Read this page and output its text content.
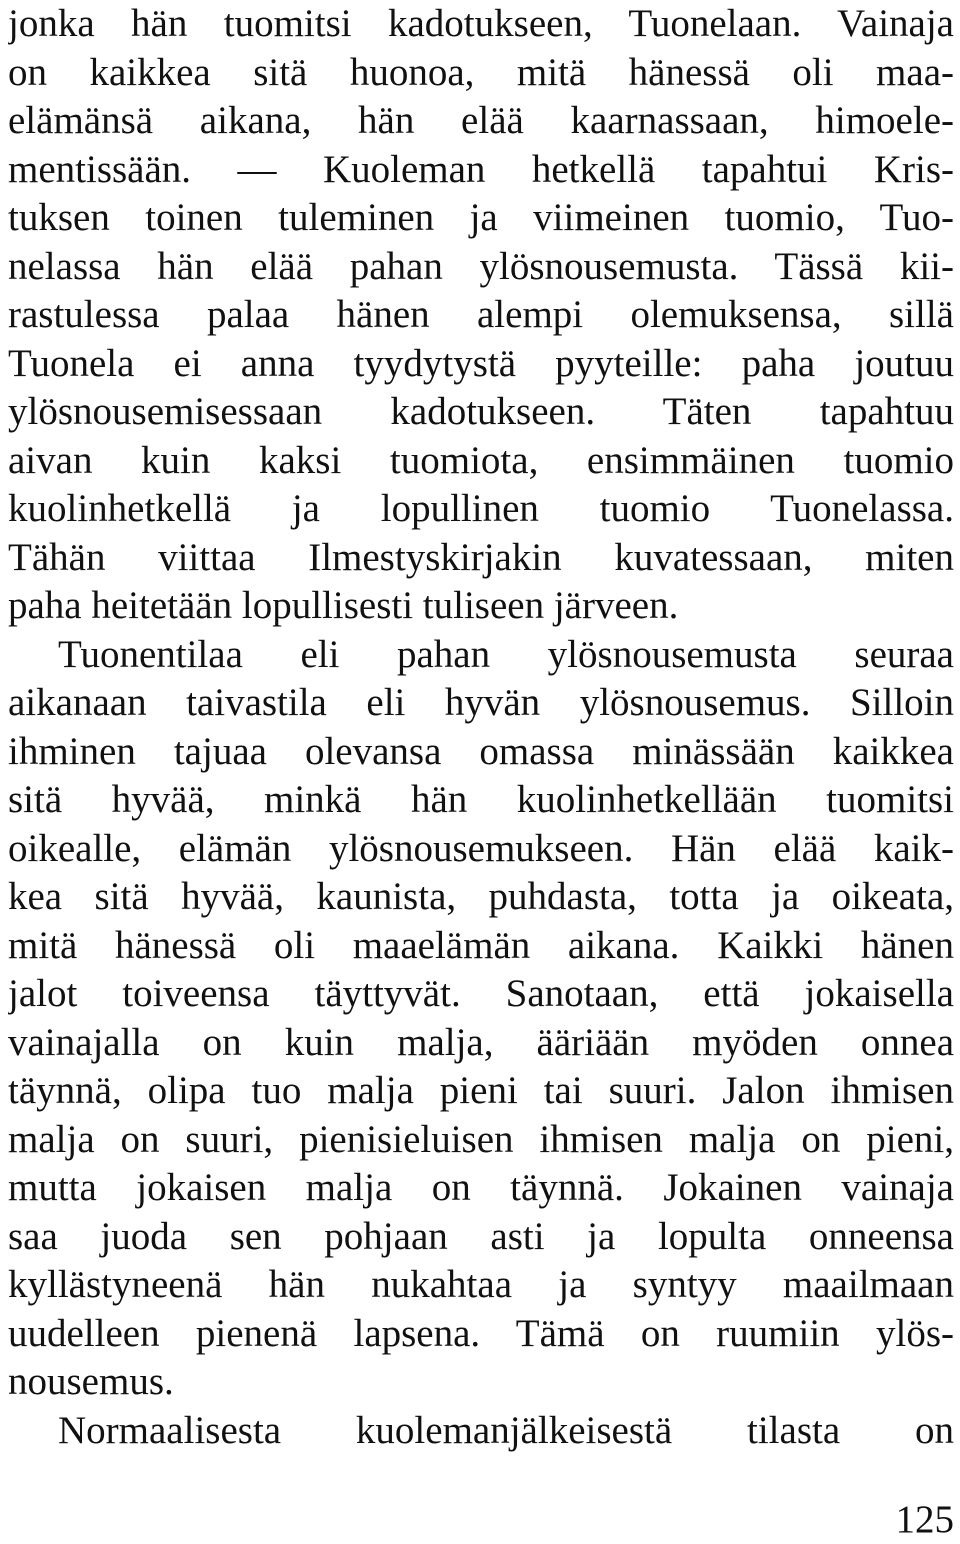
jonka hän tuomitsi kadotukseen, Tuonelaan. Vainaja
on kaikkea sitä huonoa, mitä hänessä oli maa-
elämänsä aikana, hän elää kaarnassaan, himoele-
mentissään. — Kuoleman hetkellä tapahtui Kris-
tuksen toinen tuleminen ja viimeinen tuomio, Tuo-
nelassa hän elää pahan ylösnousemusta. Tässä kii-
rastulessa palaa hänen alempi olemuksensa, sillä
Tuonela ei anna tyydytystä pyyteille: paha joutuu
ylösnousemisessaan kadotukseen. Täten tapahtuu
aivan kuin kaksi tuomiota, ensimmäinen tuomio
kuolinhetkellä ja lopullinen tuomio Tuonelassa.
Tähän viittaa Ilmestyskirjakin kuvatessaan, miten
paha heitetään lopullisesti tuliseen järveen.
Tuonentilaa eli pahan ylösnousemusta seuraa
aikanaan taivastila eli hyvän ylösnousemus. Silloin
ihminen tajuaa olevansa omassa minässään kaikkea
sitä hyvää, minkä hän kuolinhetkellään tuomitsi
oikealle, elämän ylösnousemukseen. Hän elää kaik-
kea sitä hyvää, kaunista, puhdasta, totta ja oikeata,
mitä hänessä oli maaelämän aikana. Kaikki hänen
jalot toiveensa täyttyvät. Sanotaan, että jokaisella
vainajalla on kuin malja, ääriään myöden onnea
täynnä, olipa tuo malja pieni tai suuri. Jalon ihmisen
malja on suuri, pienisieluisen ihmisen malja on pieni,
mutta jokaisen malja on täynnä. Jokainen vainaja
saa juoda sen pohjaan asti ja lopulta onneensa
kyllästyneenä hän nukahtaa ja syntyy maailmaan
uudelleen pienenä lapsena. Tämä on ruumiin ylös-
nousemus.
Normaalisesta kuolemanjälkeisestä tilasta on
125
